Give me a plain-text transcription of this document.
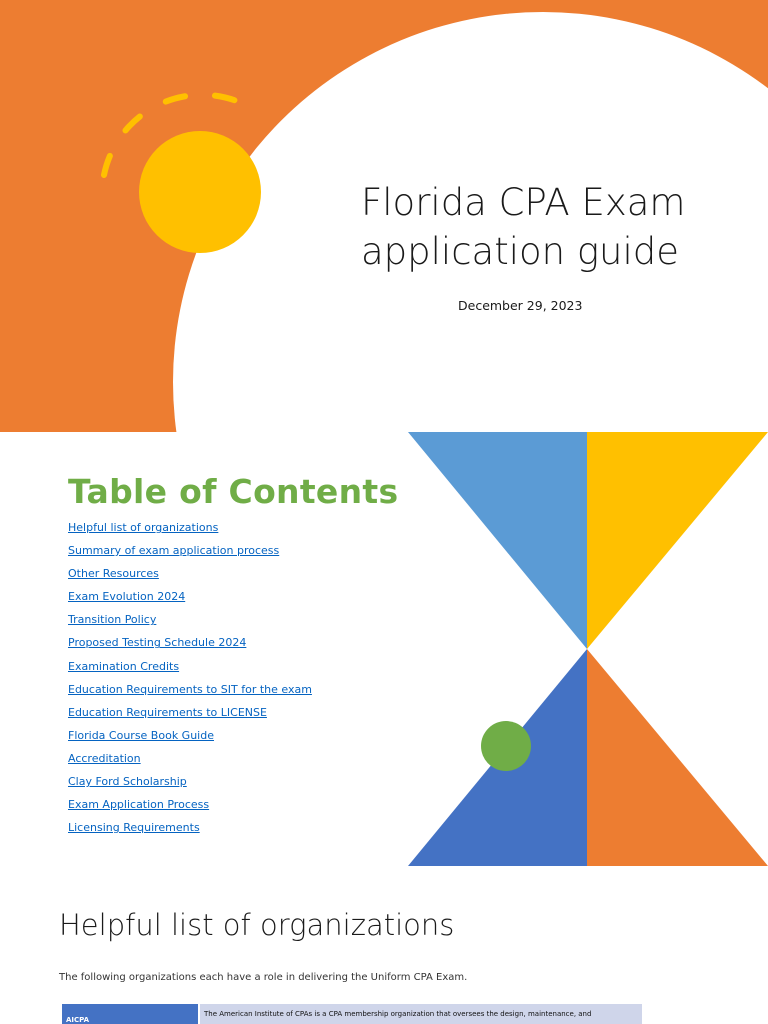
Florida CPA Exam
application guide
December 29, 2023
Table of Contents
Helpful list of organizations
Summary of exam application process
Other Resources
Exam Evolution 2024
Transition Policy
Proposed Testing Schedule 2024
Examination Credits
Education Requirements to SIT for the exam
Education Requirements to LICENSE
Florida Course Book Guide
Accreditation
Clay Ford Scholarship
Exam Application Process
Licensing Requirements
Helpful list of organizations
The following organizations each have a role in delivering the Uniform CPA Exam.
AICPA
The American Institute of CPAs is a CPA membership organization that oversees the design, maintenance, and
